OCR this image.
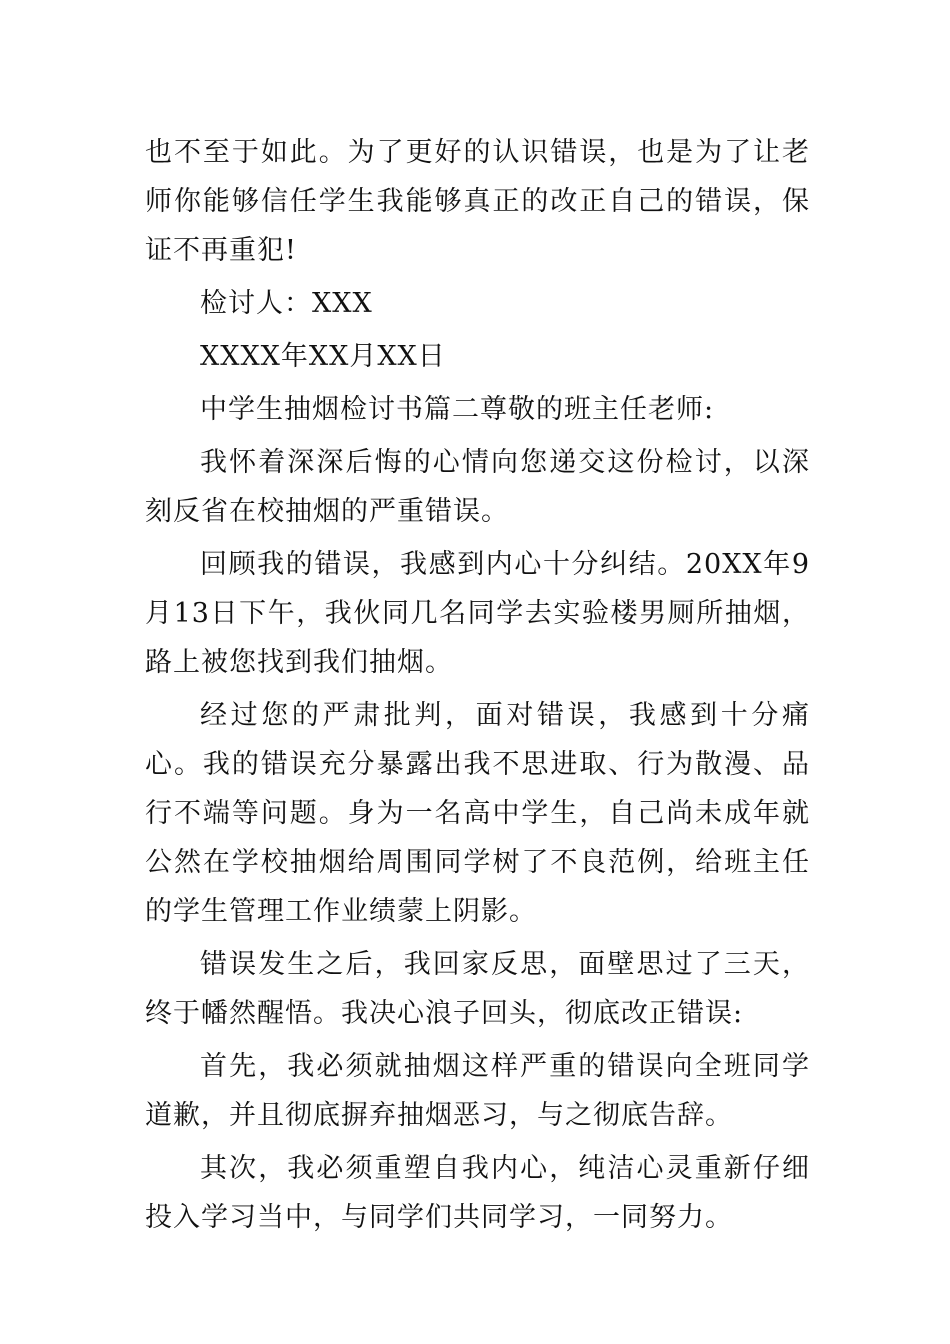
也不至于如此。为了更好的认识错误，也是为了让老师你能够信任学生我能够真正的改正自己的错误，保证不再重犯!

检讨人：XXX

XXXX年XX月XX日

中学生抽烟检讨书篇二尊敬的班主任老师:

我怀着深深后悔的心情向您递交这份检讨，以深刻反省在校抽烟的严重错误。

回顾我的错误，我感到内心十分纠结。20XX年9月13日下午，我伙同几名同学去实验楼男厕所抽烟，路上被您找到我们抽烟。

经过您的严肃批判，面对错误，我感到十分痛心。我的错误充分暴露出我不思进取、行为散漫、品行不端等问题。身为一名高中学生，自己尚未成年就公然在学校抽烟给周围同学树了不良范例，给班主任的学生管理工作业绩蒙上阴影。

错误发生之后，我回家反思，面壁思过了三天，终于幡然醒悟。我决心浪子回头，彻底改正错误:

首先，我必须就抽烟这样严重的错误向全班同学道歉，并且彻底摒弃抽烟恶习，与之彻底告辞。

其次，我必须重塑自我内心，纯洁心灵重新仔细投入学习当中，与同学们共同学习，一同努力。
